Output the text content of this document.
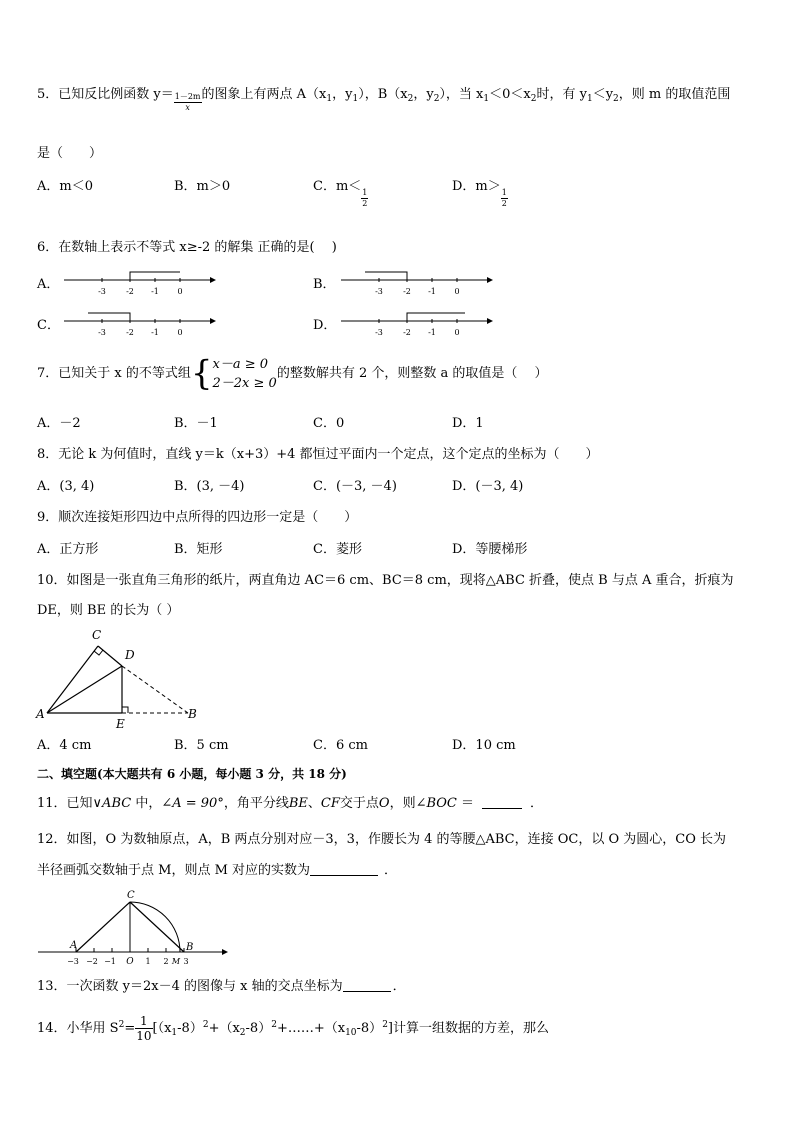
5．已知反比例函数 $y= \frac{1-2m}{x}$ 的图象上有两点 $A(x_1$，$y_1$），$B(x_2$，$y_2$），当 $x_1<0<x_2$时，有 $y_1<y_2$，则 m 的取值范围
是（　　）
A．m＜0	B．m＞0	C．m＜
$\frac{1}{2}$
D．m＞
$\frac{1}{2}$
6．在数轴上表示不等式 x≥-2 的解集 正确的是(　 )
A．	-3	-2 -1 0	B．	-3	-2 -1 0
C．	-3	-2 -1 0	D．	-3	-2 -1 0
7．已知关于 x 的不等式组{ x－a ≥ 0
2－2x ≥ 0
的整数解共有 2 个，则整数 a 的取值是（　 ）
A．－2	B．－1	C．0	D．1
8．无论 k 为何值时，直线 y＝k（x+3）+4 都恒过平面内一个定点，这个定点的坐标为（　　）
A．(3, 4)	B．(3, －4)	C．(－3, －4)	D．(－3, 4)
9．顺次连接矩形四边中点所得的四边形一定是（　　）
A．正方形	B．矩形	C．菱形	D．等腰梯形
10．如图是一张直角三角形的纸片，两直角边 AC＝6 cm、BC＝8 cm，现将△ABC 折叠，使点 B 与点 A 重合，折痕为
DE，则 BE 的长为（ ）
C
D
A
E
B
A．4 cm	B．5 cm	C．6 cm	D．10 cm
二、填空题(本大题共有 6 小题，每小题 3 分，共 18 分)
11．已知∨ABC 中，∠A = 90°，角平分线BE、CF交于点O，则∠BOC ＝	．
12．如图，O 为数轴原点，A，B 两点分别对应－3，3，作腰长为 4 的等腰△ABC，连接 OC，以 O 为圆心，CO 长为
半径画弧交数轴于点 M，则点 M 对应的实数为	．
C
A	B
−3 −2 −1 O 1 2 M 3
13．一次函数 y＝2x－4 的图像与 x 轴的交点坐标为	．
14．小华用 $S^2= \frac{1}{10}$ $[(x_1-8)^2+(x_2-8)^2+\dots\dots+(x_{10}-8)^2]$计算一组数据的方差，那么
